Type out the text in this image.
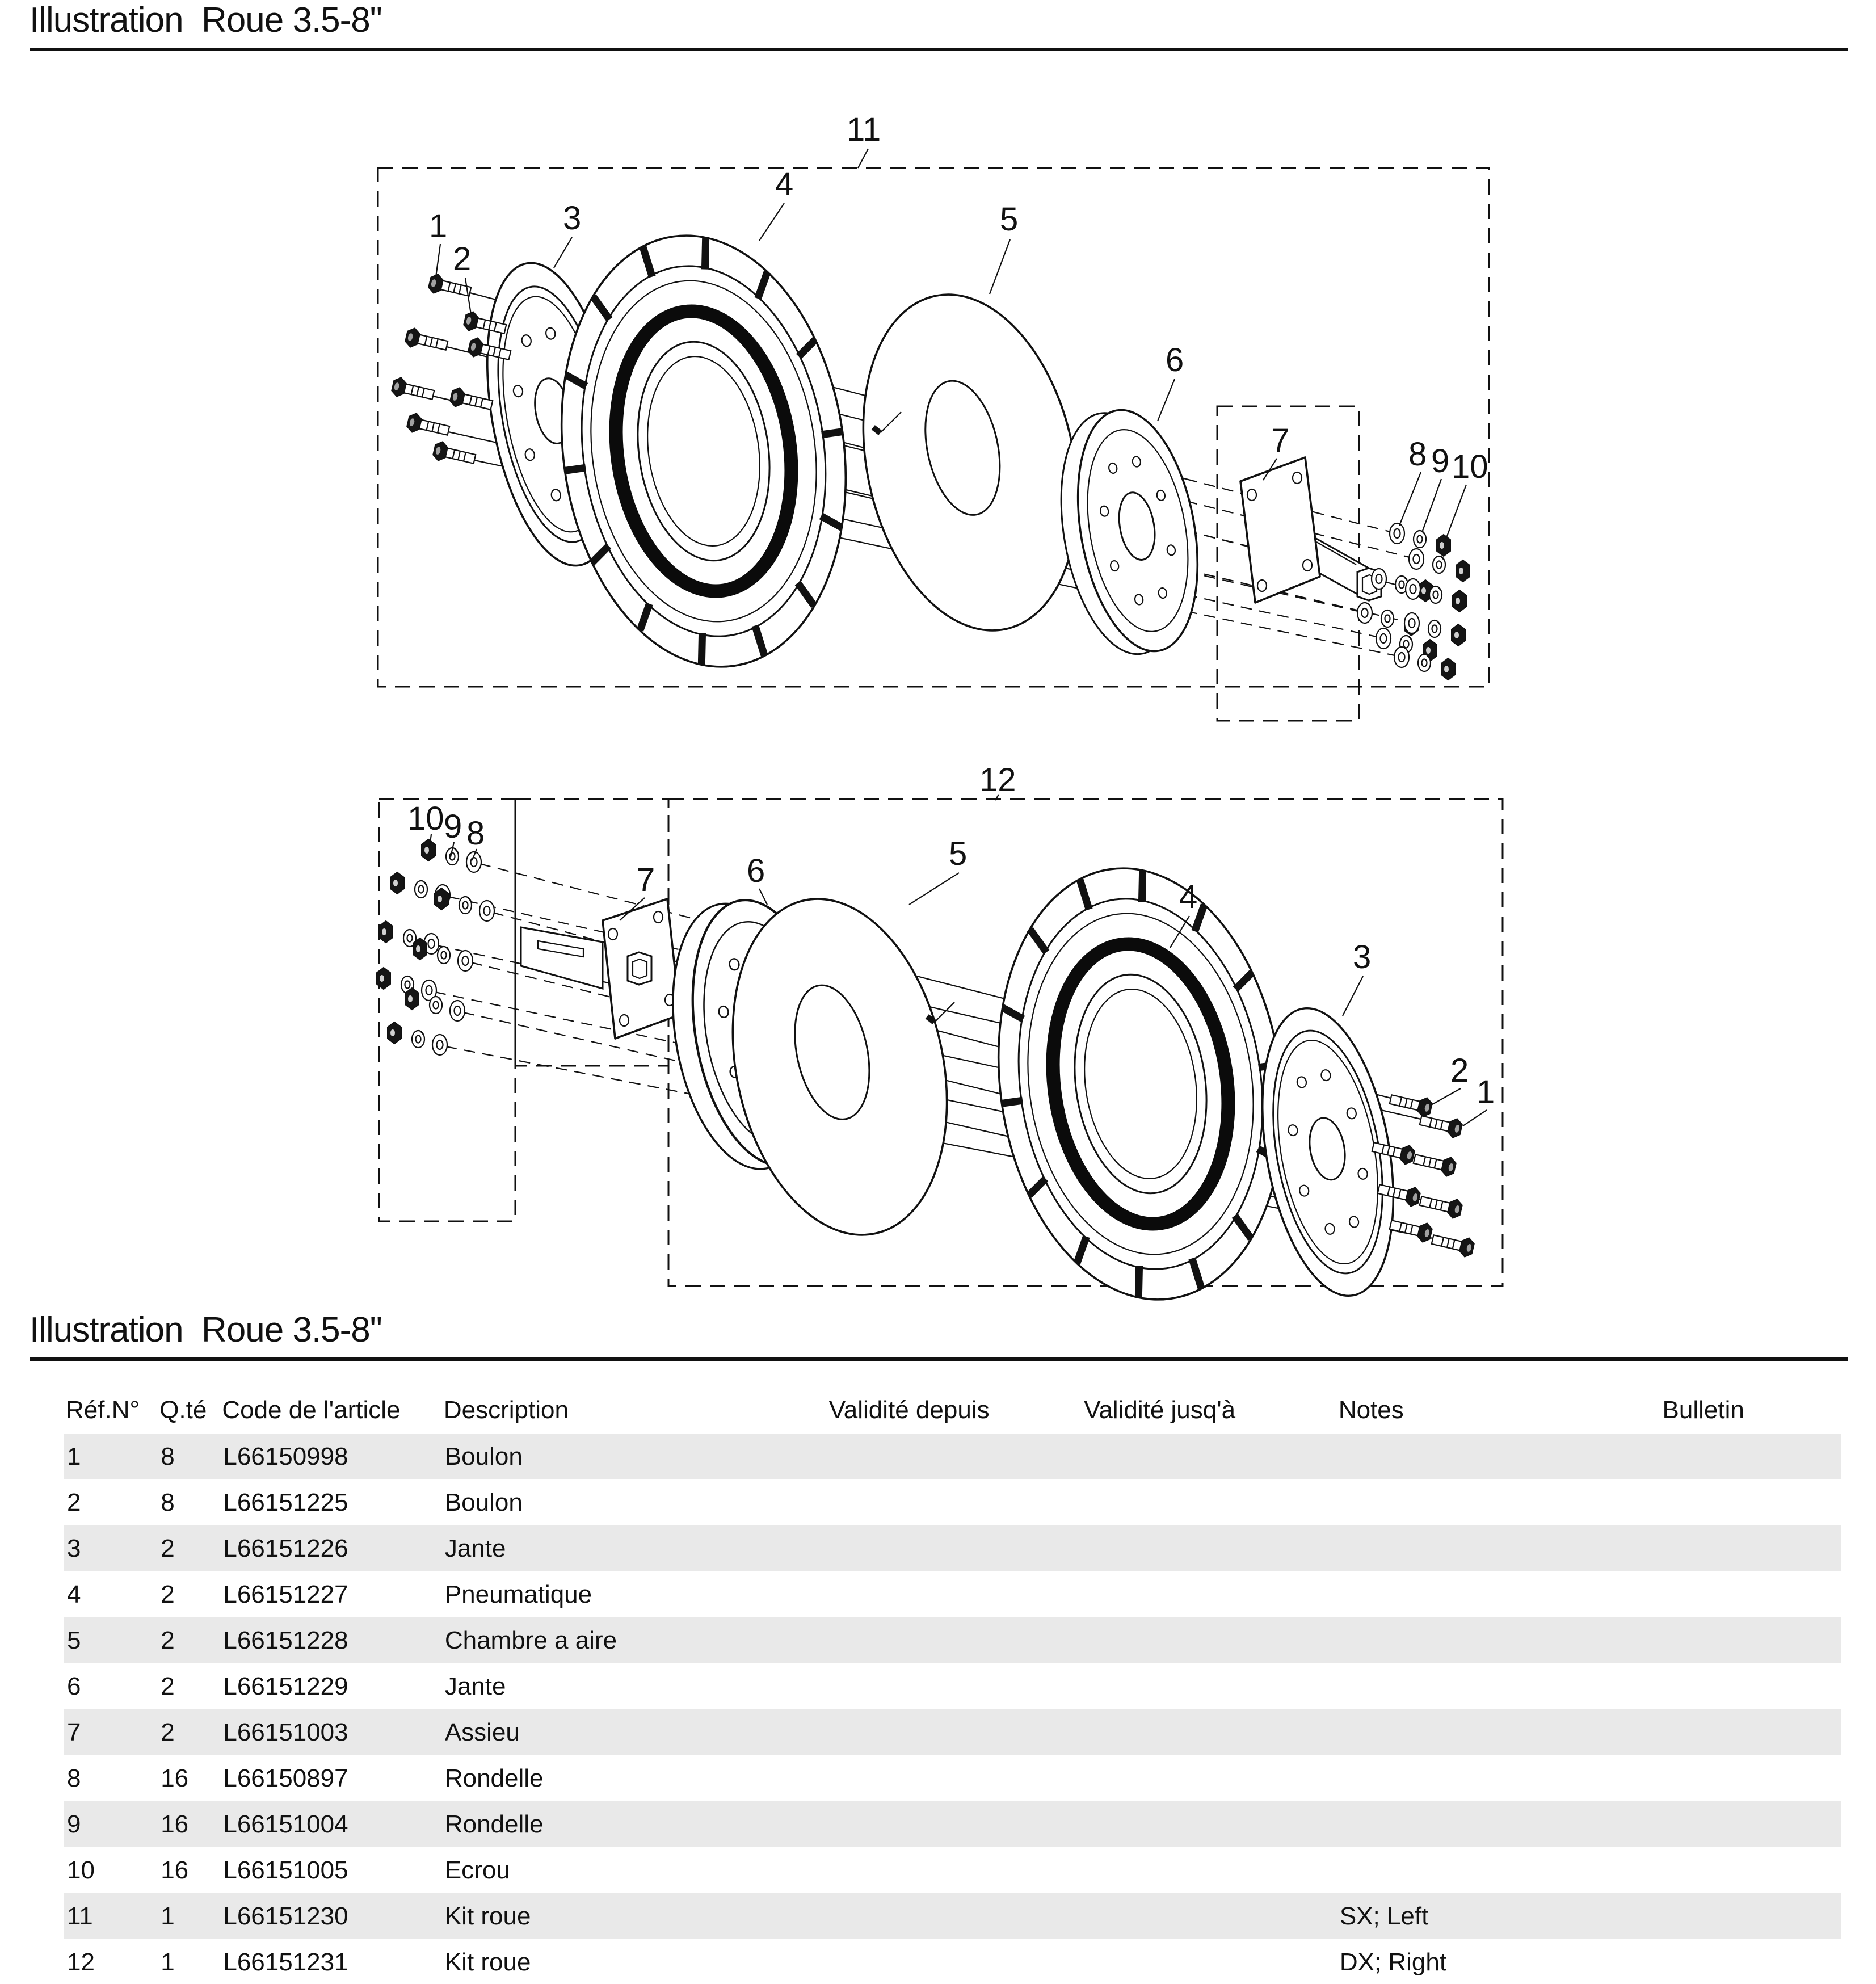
Illustration  Roue 3.5-8"
11
1
2
3
4
5
6
7	8 9 10
12
10 9 8
7	6	5
4
3
2
1
Illustration  Roue 3.5-8"
Réf.N°	Q.té	Code de l'article	Description	Validité depuis	Validité jusq'à	Notes	Bulletin
1	8	L66150998	Boulon				
2	8	L66151225	Boulon				
3	2	L66151226	Jante				
4	2	L66151227	Pneumatique				
5	2	L66151228	Chambre a aire				
6	2	L66151229	Jante				
7	2	L66151003	Assieu				
8	16	L66150897	Rondelle				
9	16	L66151004	Rondelle				
10	16	L66151005	Ecrou				
11	1	L66151230	Kit roue			SX; Left	
12	1	L66151231	Kit roue			DX; Right	
